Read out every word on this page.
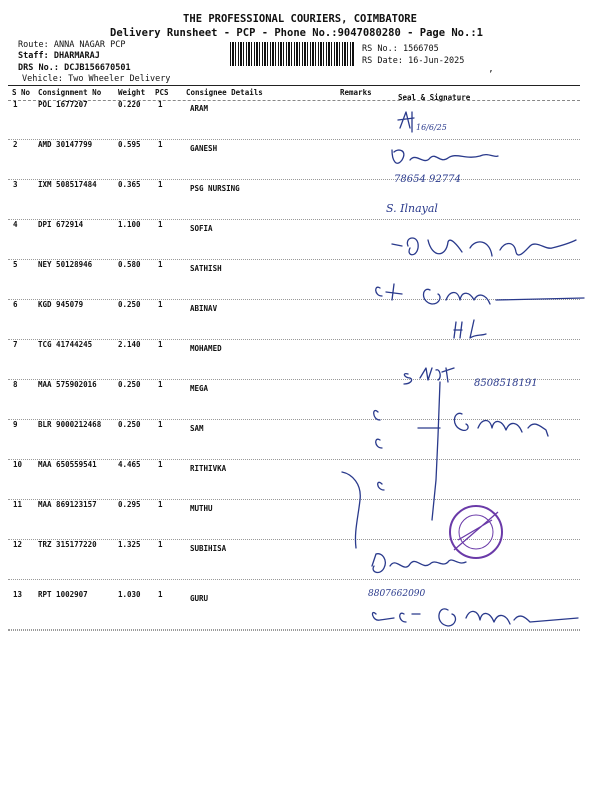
THE PROFESSIONAL COURIERS, COIMBATORE
Delivery Runsheet - PCP - Phone No.:9047080280 - Page No.:1
Route: ANNA NAGAR PCP
Staff: DHARMARAJ
DRS No.: DCJB156670501
Vehicle: Two Wheeler Delivery
RS No.: 1566705
RS Date: 16-Jun-2025
’
S No Consignment No Weight PCS Consignee Details	Remarks
Seal & Signature
1	POL 1677207	0.220 1	ARAM
2	AMD 30147799	0.595 1	GANESH
3	IXM 508517484	0.365 1	PSG NURSING
4	DPI 672914	1.100 1	SOFIA
5	NEY 50128946	0.580 1	SATHISH
6	KGD 945079	0.250 1	ABINAV
7	TCG 41744245	2.140 1	MOHAMED
8	MAA 575902016	0.250 1	MEGA
9	BLR 9000212468 0.250 1	SAM
10 MAA 650559541	4.465 1	RITHIVKA
11 MAA 869123157	0.295 1	MUTHU
12 TRZ 315177220	1.325 1	SUBIHISA
13 RPT 1002907	1.030 1	GURU
16/6/25
78654 92774
S. Ilnayal
8508518191
8807662090
